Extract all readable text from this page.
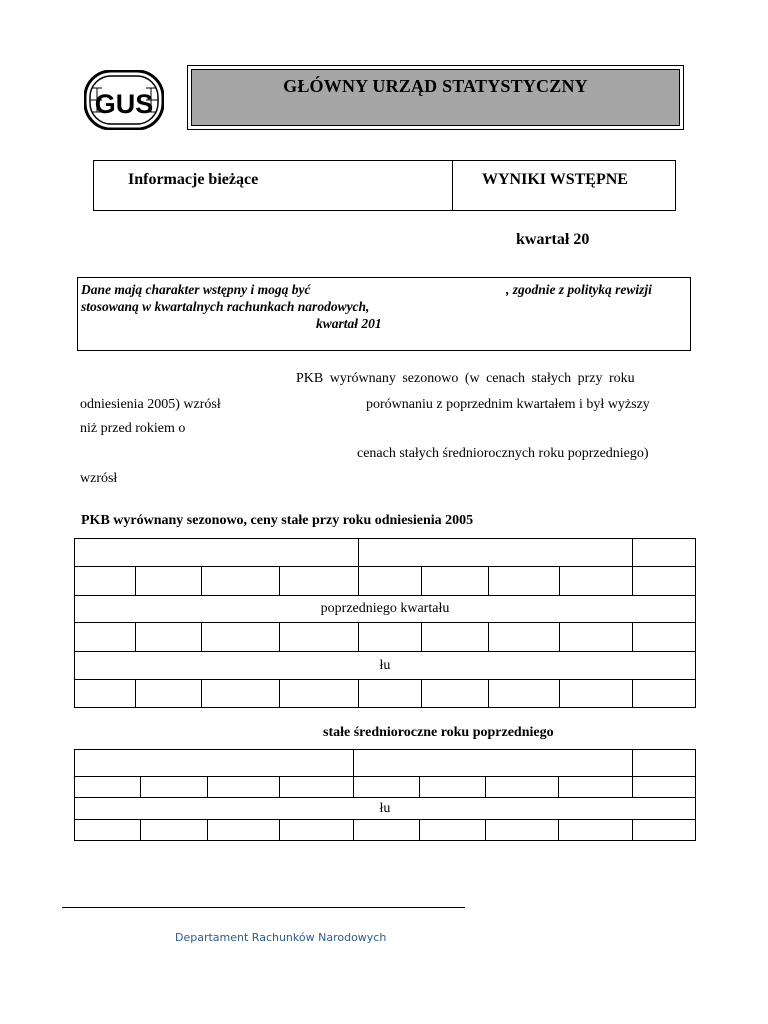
GUS
GŁÓWNY URZĄD STATYSTYCZNY
Informacje bieżące	WYNIKI WSTĘPNE
kwartał 20
Dane mają charakter wstępny i mogą być	, zgodnie z polityką rewizji
stosowaną w kwartalnych rachunkach narodowych,
kwartał 201
PKB wyrównany sezonowo (w cenach stałych przy roku
odniesienia 2005) wzrósł	porównaniu z poprzednim kwartałem i był wyższy
niż przed rokiem o
cenach stałych średniorocznych roku poprzedniego)
wzrósł
PKB wyrównany sezonowo, ceny stałe przy roku odniesienia 2005

poprzedniego kwartału								

łu								

stałe średnioroczne roku poprzedniego

łu								

Departament Rachunków Narodowych
